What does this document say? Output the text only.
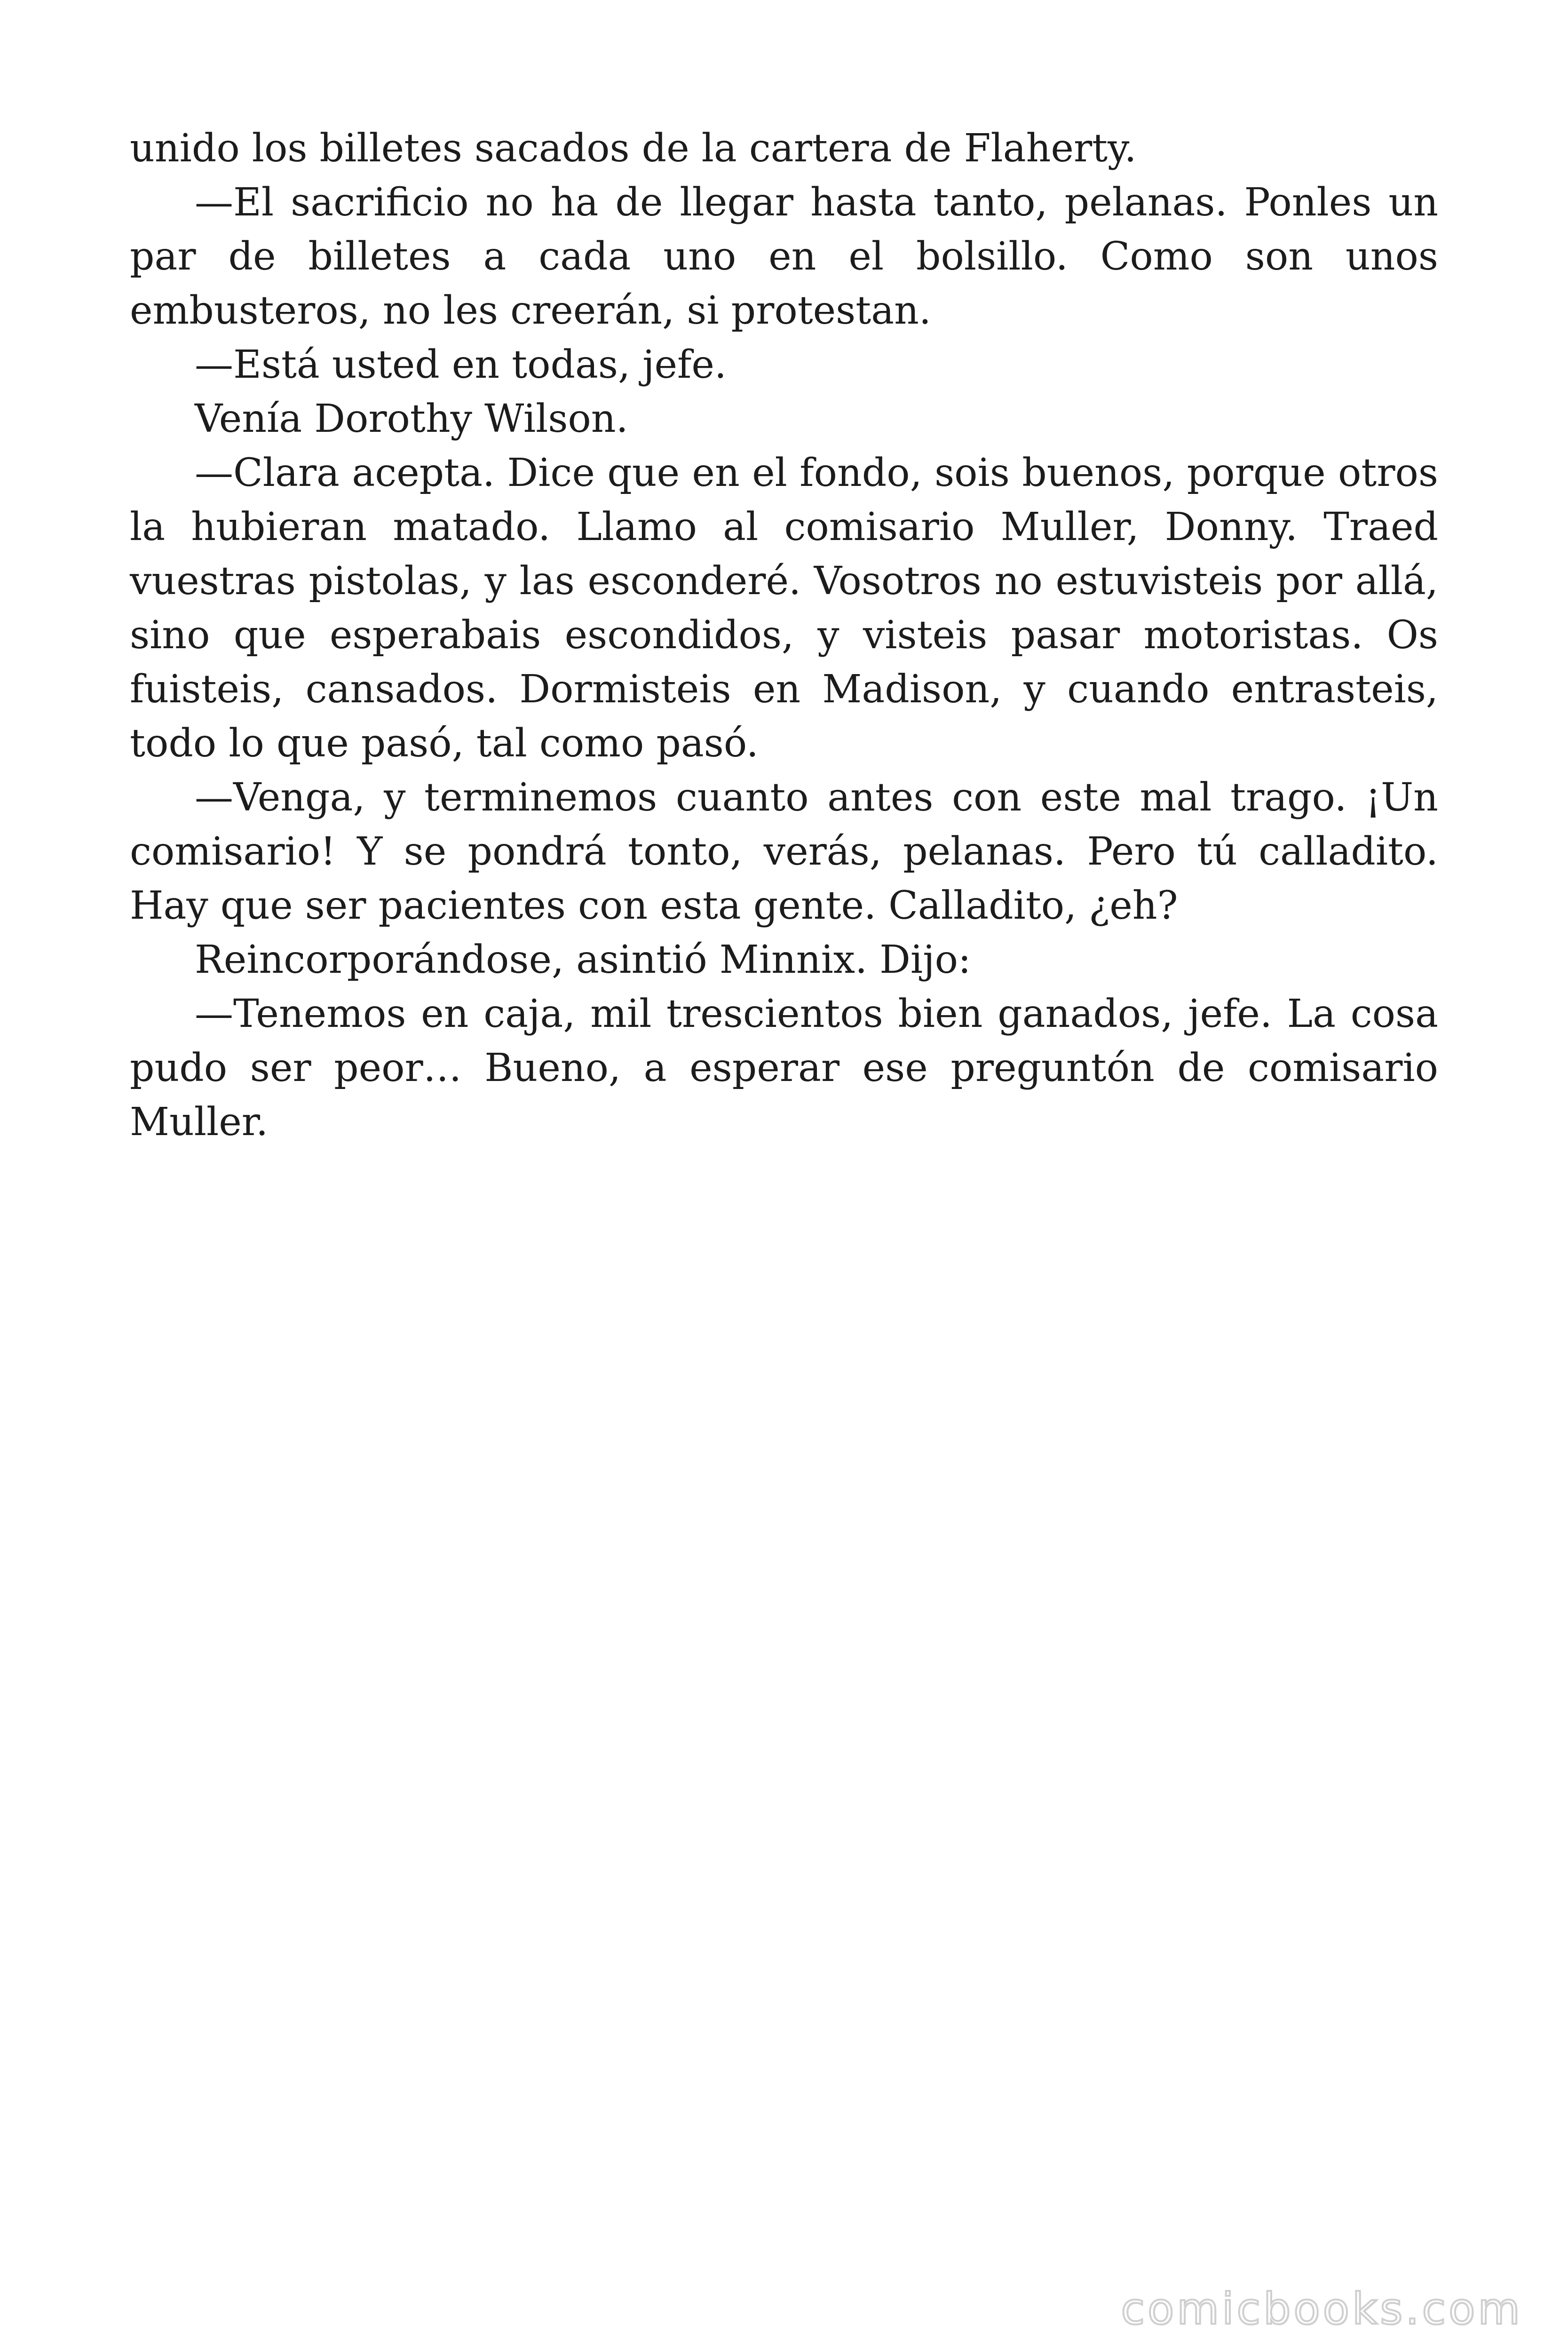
unido los billetes sacados de la cartera de Flaherty.

—El sacrificio no ha de llegar hasta tanto, pelanas. Ponles un par de billetes a cada uno en el bolsillo. Como son unos embusteros, no les creerán, si protestan.

—Está usted en todas, jefe.

Venía Dorothy Wilson.

—Clara acepta. Dice que en el fondo, sois buenos, porque otros la hubieran matado. Llamo al comisario Muller, Donny. Traed vuestras pistolas, y las esconderé. Vosotros no estuvisteis por allá, sino que esperabais escondidos, y visteis pasar motoristas. Os fuisteis, cansados. Dormisteis en Madison, y cuando entrasteis, todo lo que pasó, tal como pasó.

—Venga, y terminemos cuanto antes con este mal trago. ¡Un comisario! Y se pondrá tonto, verás, pelanas. Pero tú calladito. Hay que ser pacientes con esta gente. Calladito, ¿eh?

Reincorporándose, asintió Minnix. Dijo:

—Tenemos en caja, mil trescientos bien ganados, jefe. La cosa pudo ser peor… Bueno, a esperar ese preguntón de comisario Muller.

comicbooks.com
